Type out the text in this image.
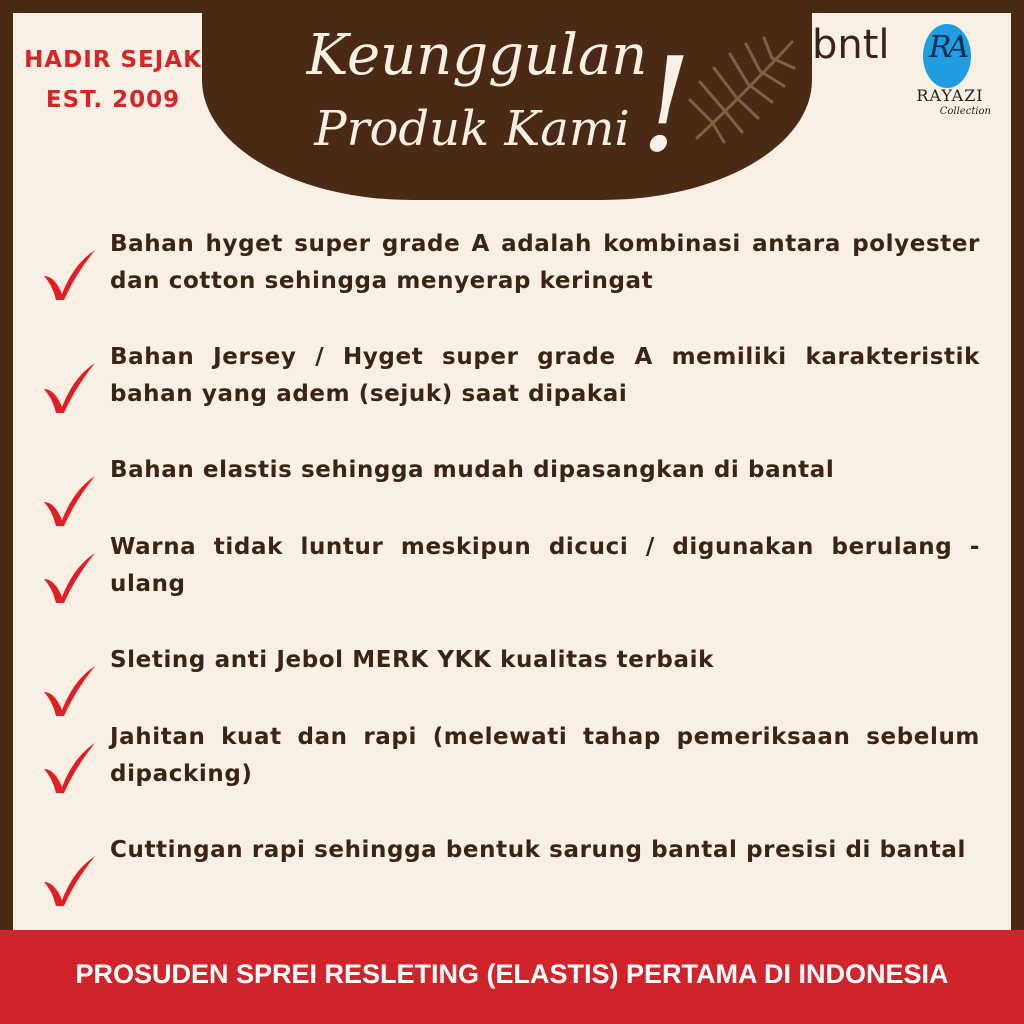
HADIR SEJAK
EST. 2009
Keunggulan
Produk Kami !	bntl RA
RAYAZI
Collection

Bahan hyget super grade A adalah kombinasi antara polyester dan cotton sehingga menyerap keringat

Bahan Jersey / Hyget super grade A memiliki karakteristik bahan yang adem (sejuk) saat dipakai

Bahan elastis sehingga mudah dipasangkan di bantal

Warna tidak luntur meskipun dicuci / digunakan berulang - ulang

Sleting anti Jebol MERK YKK kualitas terbaik

Jahitan kuat dan rapi (melewati tahap pemeriksaan sebelum dipacking)

Cuttingan rapi sehingga bentuk sarung bantal presisi di bantal

PROSUDEN SPREI RESLETING (ELASTIS) PERTAMA DI INDONESIA
